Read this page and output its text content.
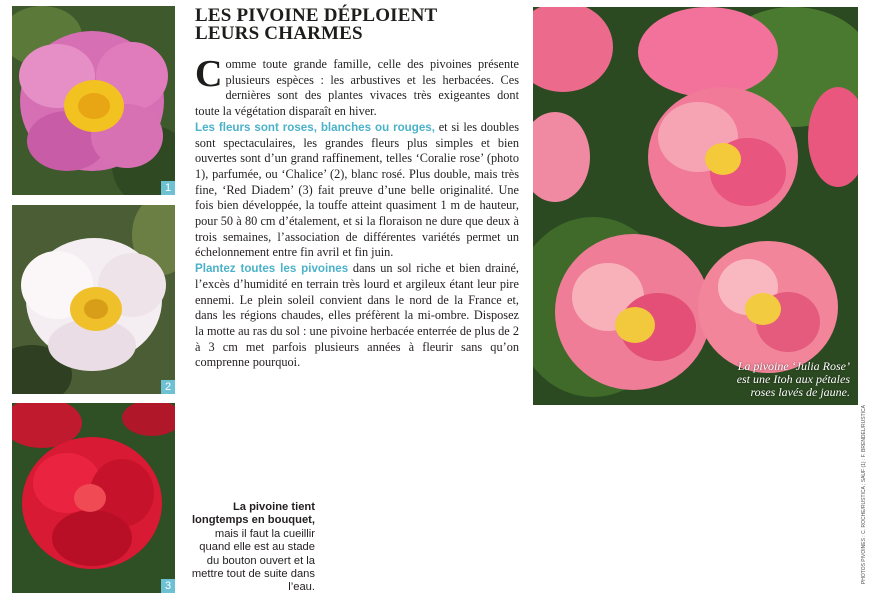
1
2
3
LES PIVOINE DÉPLOIENT
LEURS CHARMES

Comme toute grande famille, celle des pivoines présente plusieurs espèces : les arbustives et les herbacées. Ces dernières sont des plantes vivaces très exigeantes dont toute la végétation disparaît en hiver.

Les fleurs sont roses, blanches ou rouges, et si les doubles sont spectaculaires, les grandes fleurs plus simples et bien ouvertes sont d’un grand raffinement, telles ‘Coralie rose’ (photo 1), parfumée, ou ‘Chalice’ (2), blanc rosé. Plus double, mais très fine, ‘Red Diadem’ (3) fait preuve d’une belle originalité. Une fois bien développée, la touffe atteint quasiment 1 m de hauteur, pour 50 à 80 cm d’étalement, et si la floraison ne dure que deux à trois semaines, l’association de différentes variétés permet un échelonnement entre fin avril et fin juin.

Plantez toutes les pivoines dans un sol riche et bien drainé, l’excès d’humidité en terrain très lourd et argileux étant leur pire ennemi. Le plein soleil convient dans le nord de la France et, dans les régions chaudes, elles préfèrent la mi-ombre. Disposez la motte au ras du sol : une pivoine herbacée enterrée de plus de 2 à 3 cm met parfois plusieurs années à fleurir sans qu’on comprenne pourquoi.	La pivoine ‘Julia Rose’
est une Itoh aux pétales
roses lavés de jaune.
PHOTOS PIVOINES : C. ROCHE/RUSTICA ; SAUF (1) : F. BRENDEL/RUSTICA
La pivoine tient longtemps en bouquet, mais il faut la cueillir quand elle est au stade du bouton ouvert et la mettre tout de suite dans l’eau.
